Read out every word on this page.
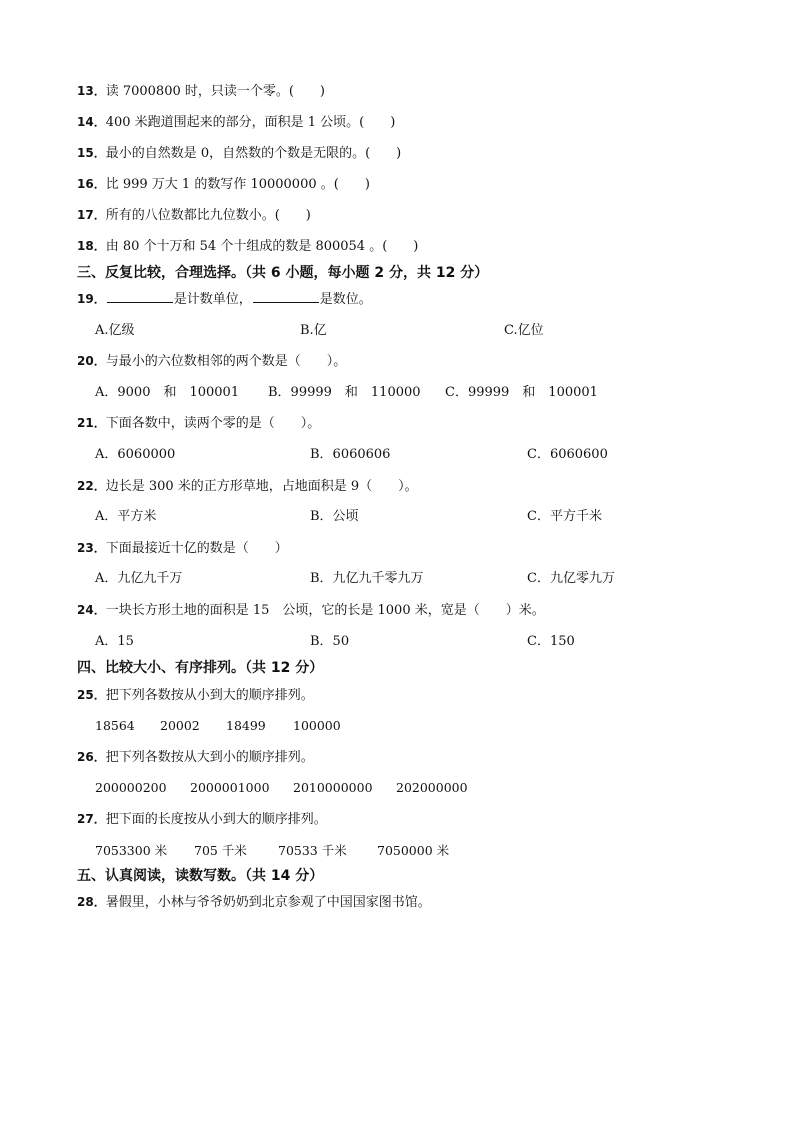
13．读 7000800 时，只读一个零。(　　)
14．400 米跑道围起来的部分，面积是 1 公顷。(　　)
15．最小的自然数是 0，自然数的个数是无限的。(　　)
16．比 999 万大 1 的数写作 10000000 。(　　)
17．所有的八位数都比九位数小。(　　)
18．由 80 个十万和 54 个十组成的数是 800054 。(　　)
三、反复比较，合理选择。（共 6 小题，每小题 2 分，共 12 分）
19．	是计数单位，	是数位。
A.亿级	B.亿	C.亿位
20．与最小的六位数相邻的两个数是（　　）。
A．9000　和　100001 B．99999　和　110000 C．99999　和　100001
21．下面各数中，读两个零的是（　　）。
A．6060000	B．6060606	C．6060600
22．边长是 300 米的正方形草地，占地面积是 9（　　）。
A．平方米	B．公顷	C．平方千米
23．下面最接近十亿的数是（　　）
A．九亿九千万	B．九亿九千零九万	C．九亿零九万
24．一块长方形土地的面积是 15　公顷，它的长是 1000 米，宽是（　　）米。
A．15	B．50	C．150
四、比较大小、有序排列。（共 12 分）
25．把下列各数按从小到大的顺序排列。
18564 20002 18499 100000
26．把下列各数按从大到小的顺序排列。
200000200 2000001000 2010000000 202000000
27．把下面的长度按从小到大的顺序排列。
7053300 米 705 千米 70533 千米 7050000 米
五、认真阅读，读数写数。（共 14 分）
28．暑假里，小林与爷爷奶奶到北京参观了中国国家图书馆。
